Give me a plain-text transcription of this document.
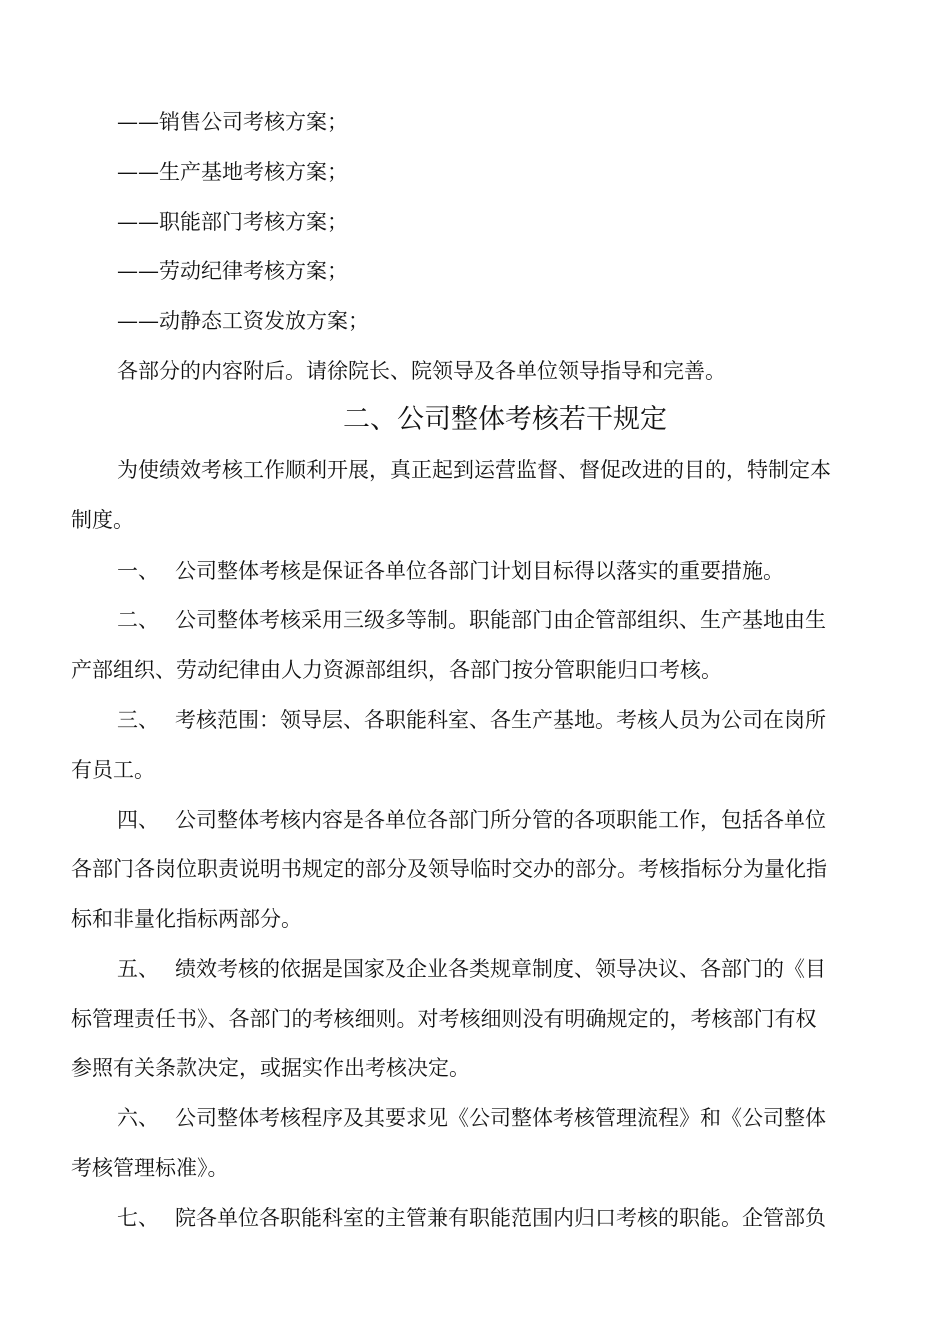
——销售公司考核方案；
——生产基地考核方案；
——职能部门考核方案；
——劳动纪律考核方案；
——动静态工资发放方案；
各部分的内容附后。请徐院长、院领导及各单位领导指导和完善。
二、公司整体考核若干规定
为使绩效考核工作顺利开展，真正起到运营监督、督促改进的目的，特制定本
制度。
一、 公司整体考核是保证各单位各部门计划目标得以落实的重要措施。
二、 公司整体考核采用三级多等制。职能部门由企管部组织、生产基地由生
产部组织、劳动纪律由人力资源部组织，各部门按分管职能归口考核。
三、 考核范围：领导层、各职能科室、各生产基地。考核人员为公司在岗所
有员工。
四、 公司整体考核内容是各单位各部门所分管的各项职能工作，包括各单位
各部门各岗位职责说明书规定的部分及领导临时交办的部分。考核指标分为量化指
标和非量化指标两部分。
五、 绩效考核的依据是国家及企业各类规章制度、领导决议、各部门的《目
标管理责任书》、各部门的考核细则。对考核细则没有明确规定的，考核部门有权
参照有关条款决定，或据实作出考核决定。
六、 公司整体考核程序及其要求见《公司整体考核管理流程》和《公司整体
考核管理标准》。
七、 院各单位各职能科室的主管兼有职能范围内归口考核的职能。企管部负
